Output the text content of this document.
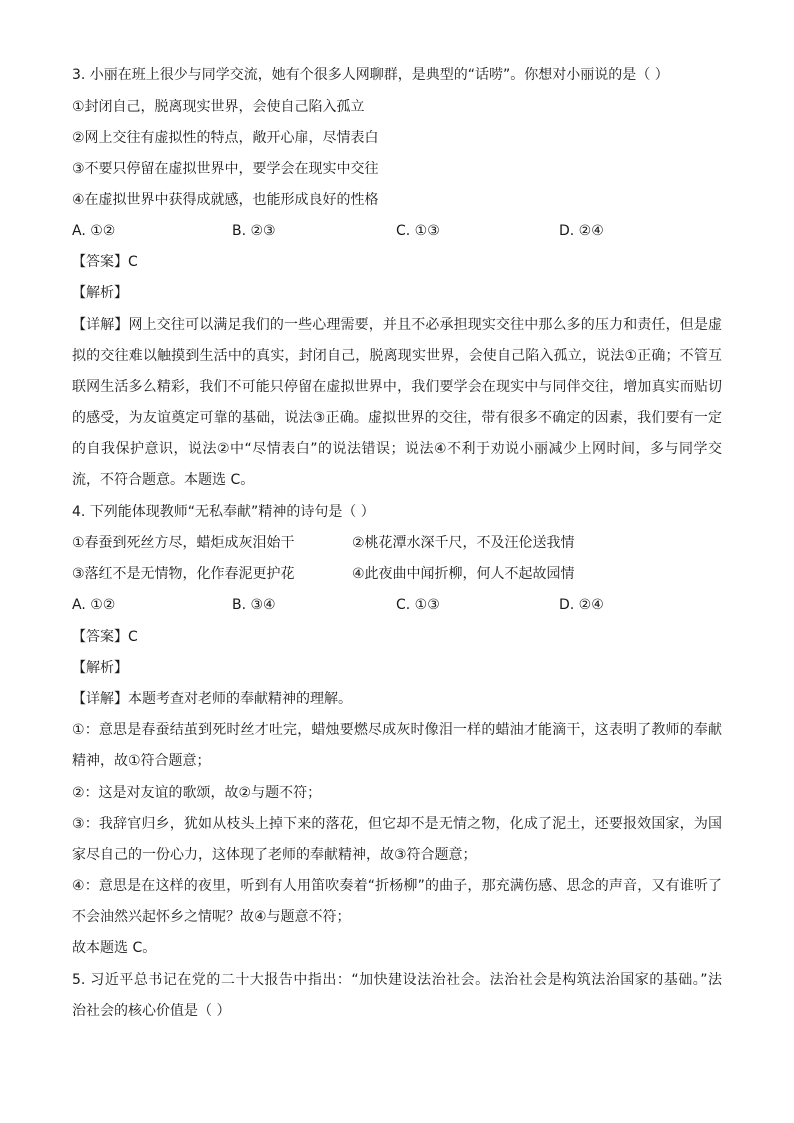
3. 小丽在班上很少与同学交流，她有个很多人网聊群，是典型的“话唠”。你想对小丽说的是（ ）
①封闭自己，脱离现实世界，会使自己陷入孤立
②网上交往有虚拟性的特点，敞开心扉，尽情表白
③不要只停留在虚拟世界中，要学会在现实中交往
④在虚拟世界中获得成就感，也能形成良好的性格
A. ①②	B. ②③	C. ①③	D. ②④
【答案】C
【解析】
【详解】网上交往可以满足我们的一些心理需要，并且不必承担现实交往中那么多的压力和责任，但是虚
拟的交往难以触摸到生活中的真实，封闭自己，脱离现实世界，会使自己陷入孤立，说法①正确；不管互
联网生活多么精彩，我们不可能只停留在虚拟世界中，我们要学会在现实中与同伴交往，增加真实而贴切
的感受，为友谊奠定可靠的基础，说法③正确。虚拟世界的交往，带有很多不确定的因素，我们要有一定
的自我保护意识，说法②中“尽情表白”的说法错误；说法④不利于劝说小丽减少上网时间，多与同学交
流，不符合题意。本题选 C。
4. 下列能体现教师“无私奉献”精神的诗句是（ ）
①春蚕到死丝方尽，蜡炬成灰泪始干	②桃花潭水深千尺，不及汪伦送我情
③落红不是无情物，化作春泥更护花	④此夜曲中闻折柳，何人不起故园情
A. ①②	B. ③④	C. ①③	D. ②④
【答案】C
【解析】
【详解】本题考查对老师的奉献精神的理解。
①：意思是春蚕结茧到死时丝才吐完，蜡烛要燃尽成灰时像泪一样的蜡油才能滴干，这表明了教师的奉献
精神，故①符合题意；
②：这是对友谊的歌颂，故②与题不符；
③：我辞官归乡，犹如从枝头上掉下来的落花，但它却不是无情之物，化成了泥土，还要报效国家，为国
家尽自己的一份心力，这体现了老师的奉献精神，故③符合题意；
④：意思是在这样的夜里，听到有人用笛吹奏着“折杨柳”的曲子，那充满伤感、思念的声音，又有谁听了
不会油然兴起怀乡之情呢？故④与题意不符；
故本题选 C。
5. 习近平总书记在党的二十大报告中指出：“加快建设法治社会。法治社会是构筑法治国家的基础。”法
治社会的核心价值是（ ）
